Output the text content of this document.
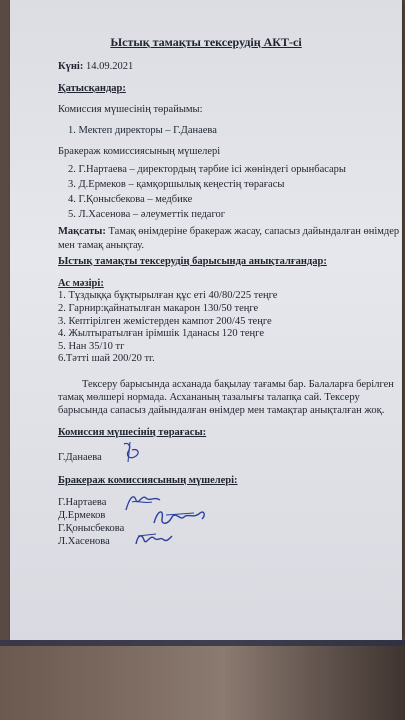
Ыстық тамақты тексерудің АКТ-сі
Күні: 14.09.2021
Қатысқандар:
Комиссия мүшесінің төрайымы:
1. Мектеп директоры – Г.Данаева
Бракераж комиссиясының мүшелері
2. Г.Нартаева – директордың тәрбие ісі жөніндегі орынбасары
3. Д.Ермеков – қамқоршылық кеңестің төрағасы
4. Г.Қоныcбекова – медбике
5. Л.Хасенова – әлеуметтік педагог
Мақсаты: Тамақ өнімдеріне бракераж жасау, сапасыз дайындалған өнімдер
мен тамақ анықтау.
Ыстық тамақты тексерудің барысында анықталғандар:
Ас мәзірі:
1. Тұздыққа бұқтырылған құс еті 40/80/225 теңге
2. Гарнир:қайнатылған макарон 130/50 теңге
3. Кептірілген жемістерден кампот 200/45 теңге
4. Жылтыратылған ірімшік 1данасы 120 теңге
5. Нан 35/10 тг
6.Тәтті шай 200/20 тг.
Тексеру барысында асханада бақылау тағамы бар. Балаларға берілген
тамақ мөлшері нормада. Асхананың тазалығы талапқа сай. Тексеру
барысында сапасыз дайындалған өнімдер мен тамақтар анықталған жоқ.
Комиссия мүшесінің төрағасы:
Г.Данаева
Бракераж комиссиясының мүшелері:
Г.Нартаева
Д.Ермеков
Г.Қоныcбекова
Л.Хасенова
